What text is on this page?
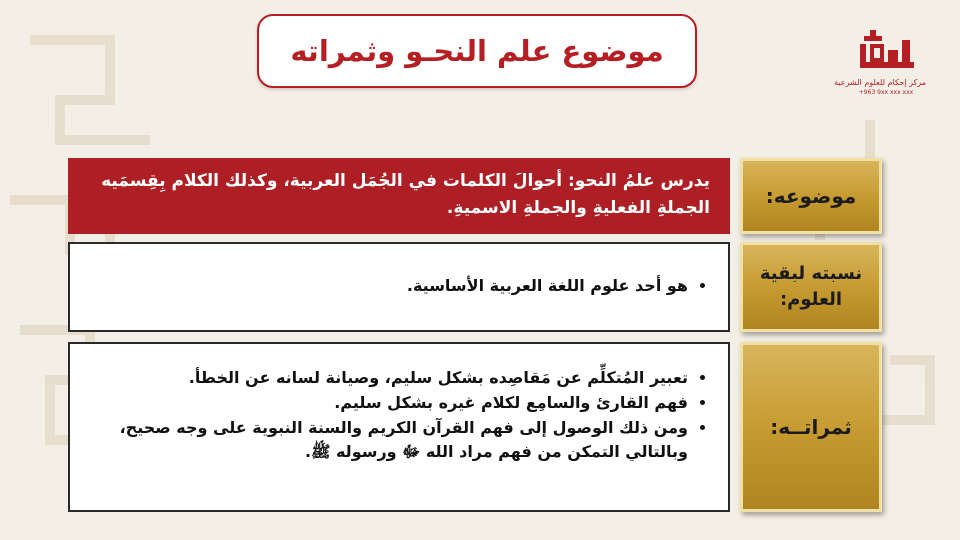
موضوع علم النحـو وثمراته
مركز إحكام للعلوم الشرعية
+963 9xx xxx xxx
موضوعه:
نسبته لبقية العلوم:
ثمراتــه:
يدرس علمُ النحو: أحوالَ الكلمات في الجُمَل العربية، وكذلك الكلام بِقِسمَيه الجملةِ الفعليةِ والجملةِ الاسميةِ.
• هو أحد علوم اللغة العربية الأساسية.
• تعبير المُتكلِّم عن مَقاصِده بشكل سليم، وصيانة لسانه عن الخطأ.
• فهم القارئ والسامِع لكلام غيره بشكل سليم.
• ومن ذلك الوصول إلى فهم القرآن الكريم والسنة النبوية على وجه صحيح، وبالتالي التمكن من فهم مراد الله ﷻ ورسوله ﷺ.
